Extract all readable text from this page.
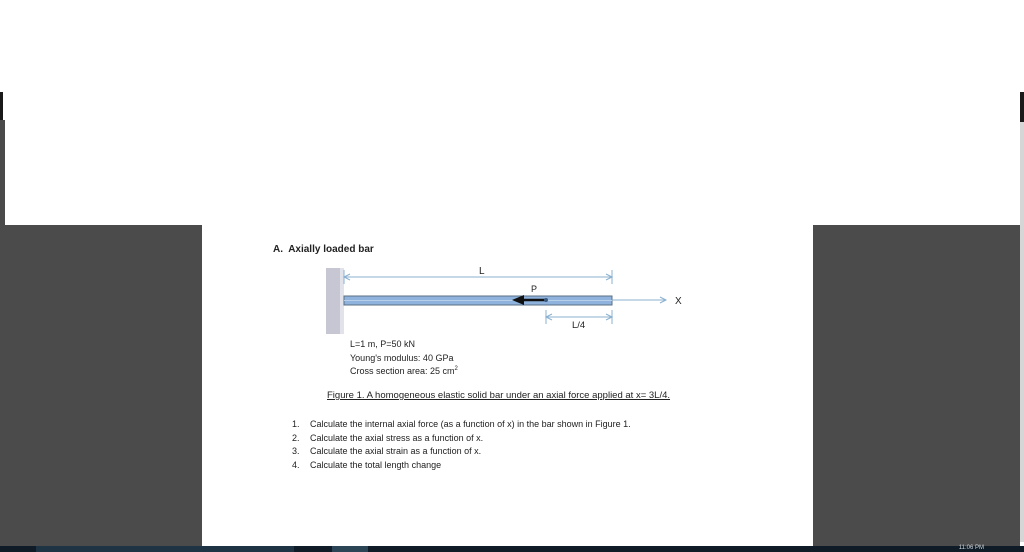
A. Axially loaded bar
L
X
P
L/4
L=1 m, P=50 kN
Young's modulus: 40 GPa
Cross section area: 25 $cm^2$
Figure 1. A homogeneous elastic solid bar under an axial force applied at x= 3L/4.
1.	Calculate the internal axial force (as a function of x) in the bar shown in Figure 1.
2.	Calculate the axial stress as a function of x.
3.	Calculate the axial strain as a function of x.
4.	Calculate the total length change
11:06 PM
